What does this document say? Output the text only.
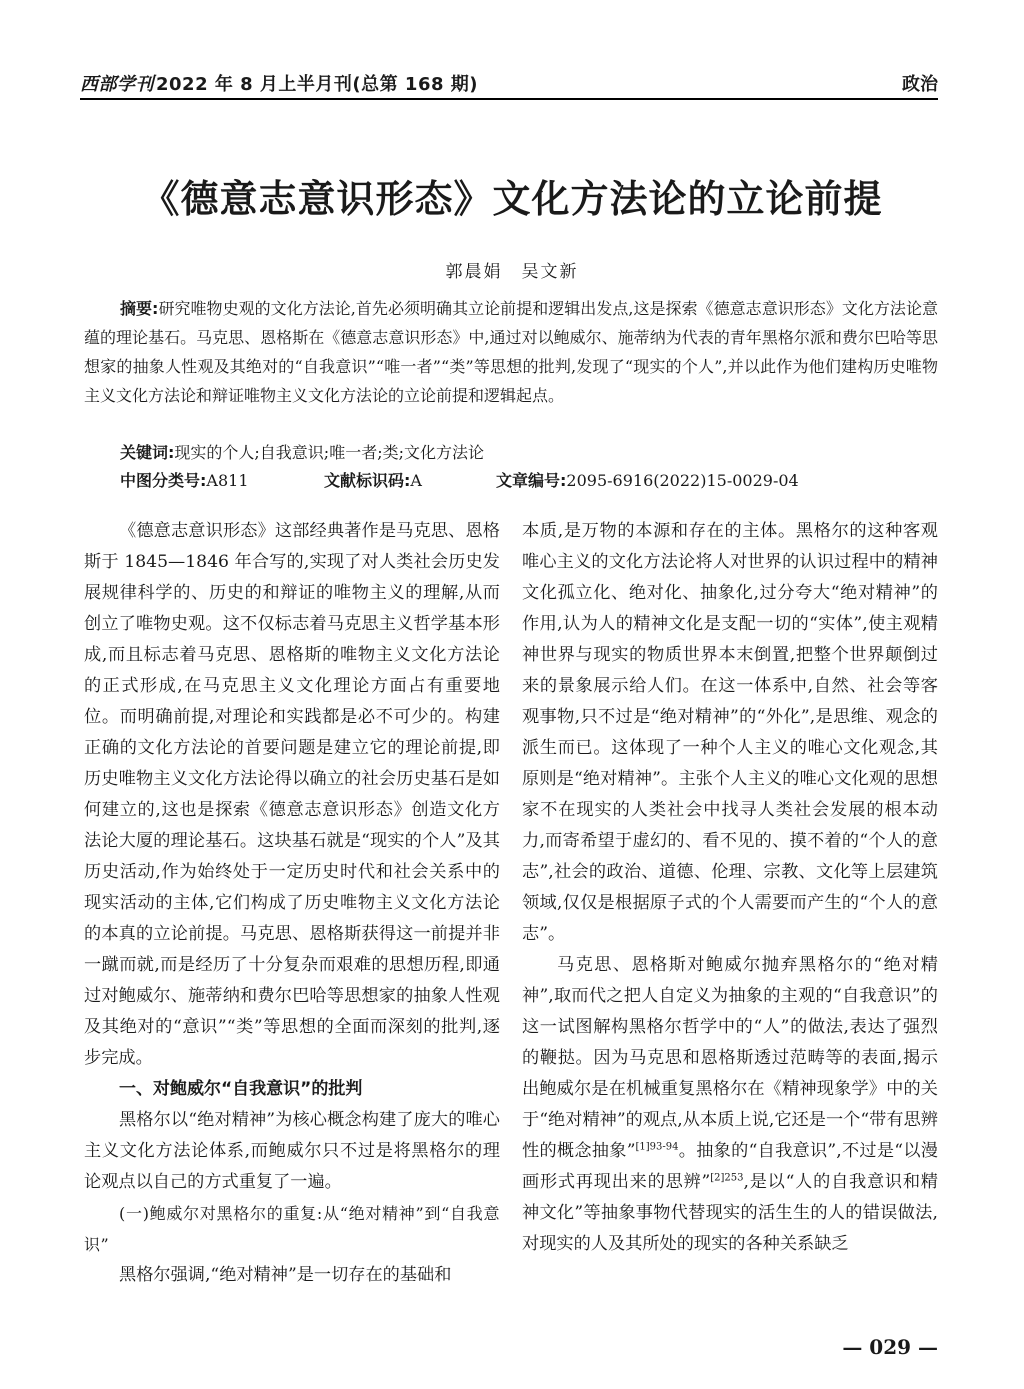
西部学刊 2022 年 8 月上半月刊(总第 168 期)	政治
《德意志意识形态》文化方法论的立论前提
郭晨娟　吴文新
摘要:研究唯物史观的文化方法论,首先必须明确其立论前提和逻辑出发点,这是探索《德意志意识形态》文化方法论意蕴的理论基石。马克思、恩格斯在《德意志意识形态》中,通过对以鲍威尔、施蒂纳为代表的青年黑格尔派和费尔巴哈等思想家的抽象人性观及其绝对的“自我意识”“唯一者”“类”等思想的批判,发现了“现实的个人”,并以此作为他们建构历史唯物主义文化方法论和辩证唯物主义文化方法论的立论前提和逻辑起点。
关键词:现实的个人;自我意识;唯一者;类;文化方法论
中图分类号:A811	文献标识码:A	文章编号:2095-6916(2022)15-0029-04

《德意志意识形态》这部经典著作是马克思、恩格斯于 1845—1846 年合写的,实现了对人类社会历史发展规律科学的、历史的和辩证的唯物主义的理解,从而创立了唯物史观。这不仅标志着马克思主义哲学基本形成,而且标志着马克思、恩格斯的唯物主义文化方法论的正式形成,在马克思主义文化理论方面占有重要地位。而明确前提,对理论和实践都是必不可少的。构建正确的文化方法论的首要问题是建立它的理论前提,即历史唯物主义文化方法论得以确立的社会历史基石是如何建立的,这也是探索《德意志意识形态》创造文化方法论大厦的理论基石。这块基石就是“现实的个人”及其历史活动,作为始终处于一定历史时代和社会关系中的现实活动的主体,它们构成了历史唯物主义文化方法论的本真的立论前提。马克思、恩格斯获得这一前提并非一蹴而就,而是经历了十分复杂而艰难的思想历程,即通过对鲍威尔、施蒂纳和费尔巴哈等思想家的抽象人性观及其绝对的“意识”“类”等思想的全面而深刻的批判,逐步完成。

一、对鲍威尔“自我意识”的批判

黑格尔以“绝对精神”为核心概念构建了庞大的唯心主义文化方法论体系,而鲍威尔只不过是将黑格尔的理论观点以自己的方式重复了一遍。

(一)鲍威尔对黑格尔的重复:从“绝对精神”到“自我意识”

黑格尔强调,“绝对精神”是一切存在的基础和

本质,是万物的本源和存在的主体。黑格尔的这种客观唯心主义的文化方法论将人对世界的认识过程中的精神文化孤立化、绝对化、抽象化,过分夸大“绝对精神”的作用,认为人的精神文化是支配一切的“实体”,使主观精神世界与现实的物质世界本末倒置,把整个世界颠倒过来的景象展示给人们。在这一体系中,自然、社会等客观事物,只不过是“绝对精神”的“外化”,是思维、观念的派生而已。这体现了一种个人主义的唯心文化观念,其原则是“绝对精神”。主张个人主义的唯心文化观的思想家不在现实的人类社会中找寻人类社会发展的根本动力,而寄希望于虚幻的、看不见的、摸不着的“个人的意志”,社会的政治、道德、伦理、宗教、文化等上层建筑领域,仅仅是根据原子式的个人需要而产生的“个人的意志”。

马克思、恩格斯对鲍威尔抛弃黑格尔的“绝对精神”,取而代之把人自定义为抽象的主观的“自我意识”的这一试图解构黑格尔哲学中的“人”的做法,表达了强烈的鞭挞。因为马克思和恩格斯透过范畴等的表面,揭示出鲍威尔是在机械重复黑格尔在《精神现象学》中的关于“绝对精神”的观点,从本质上说,它还是一个“带有思辨性的概念抽象”$^{[1]93-94}$。抽象的“自我意识”,不过是“以漫画形式再现出来的思辨”$^{[2]253}$,是以“人的自我意识和精神文化”等抽象事物代替现实的活生生的人的错误做法,对现实的人及其所处的现实的各种关系缺乏

— 029 —
